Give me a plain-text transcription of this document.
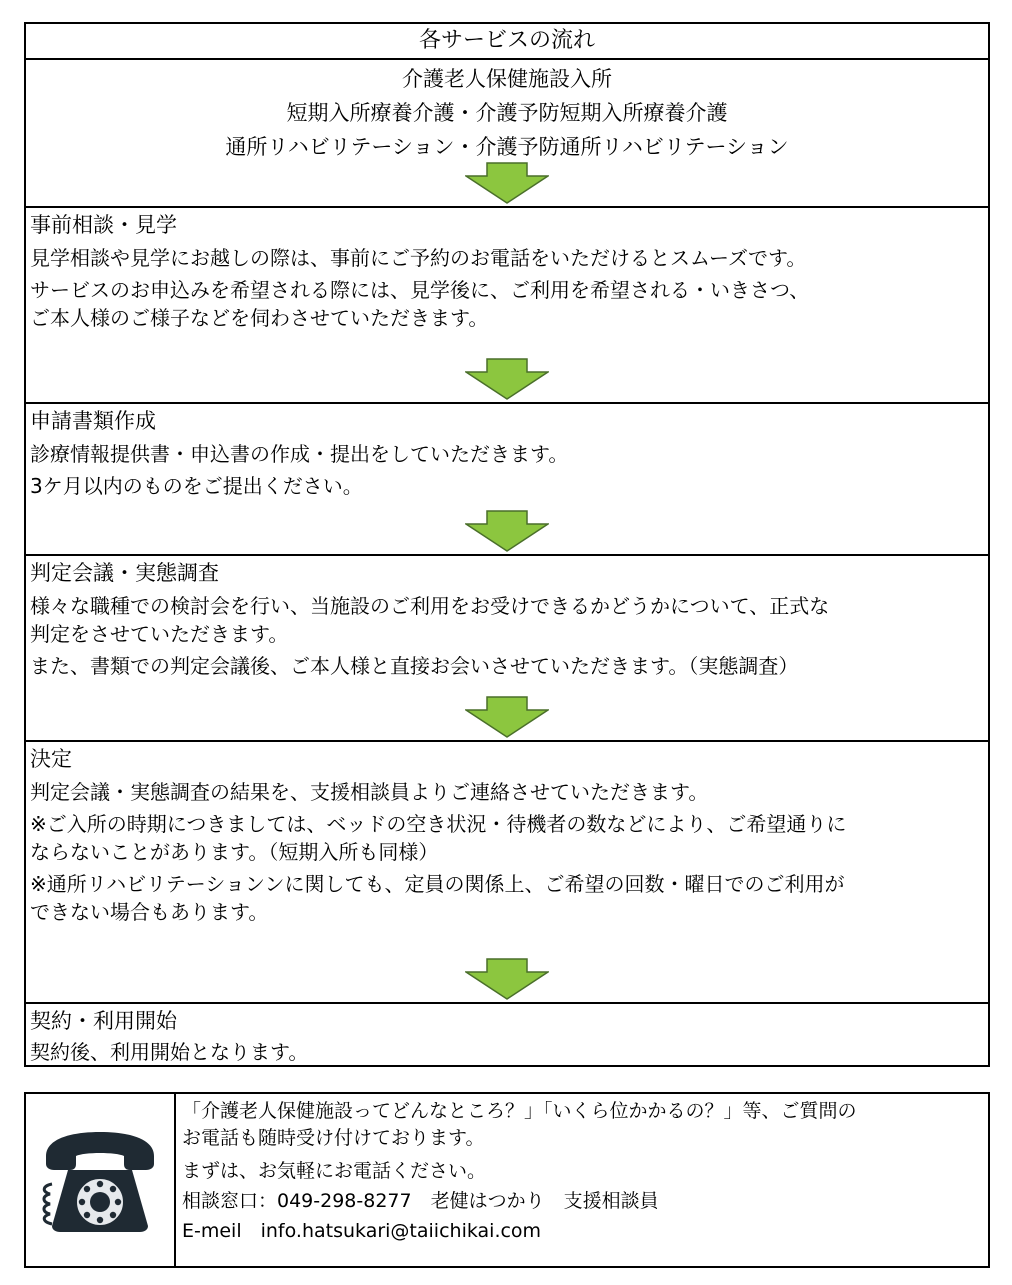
各サービスの流れ
介護老人保健施設入所
短期入所療養介護・介護予防短期入所療養介護
通所リハビリテーション・介護予防通所リハビリテーション
事前相談・見学
見学相談や見学にお越しの際は、事前にご予約のお電話をいただけるとスムーズです。
サービスのお申込みを希望される際には、見学後に、ご利用を希望される・いきさつ、
ご本人様のご様子などを伺わさせていただきます。
申請書類作成
診療情報提供書・申込書の作成・提出をしていただきます。
3ケ月以内のものをご提出ください。
判定会議・実態調査
様々な職種での検討会を行い、当施設のご利用をお受けできるかどうかについて、正式な
判定をさせていただきます。
また、書類での判定会議後、ご本人様と直接お会いさせていただきます。（実態調査）
決定
判定会議・実態調査の結果を、支援相談員よりご連絡させていただきます。
※ご入所の時期につきましては、ベッドの空き状況・待機者の数などにより、ご希望通りに
ならないことがあります。（短期入所も同様）
※通所リハビリテーションンに関しても、定員の関係上、ご希望の回数・曜日でのご利用が
できない場合もあります。
契約・利用開始
契約後、利用開始となります。
「介護老人保健施設ってどんなところ？」「いくら位かかるの？」等、ご質問の
お電話も随時受け付けております。
まずは、お気軽にお電話ください。
相談窓口：049-298-8277　老健はつかり　支援相談員
E-meil　info.hatsukari@taiichikai.com
